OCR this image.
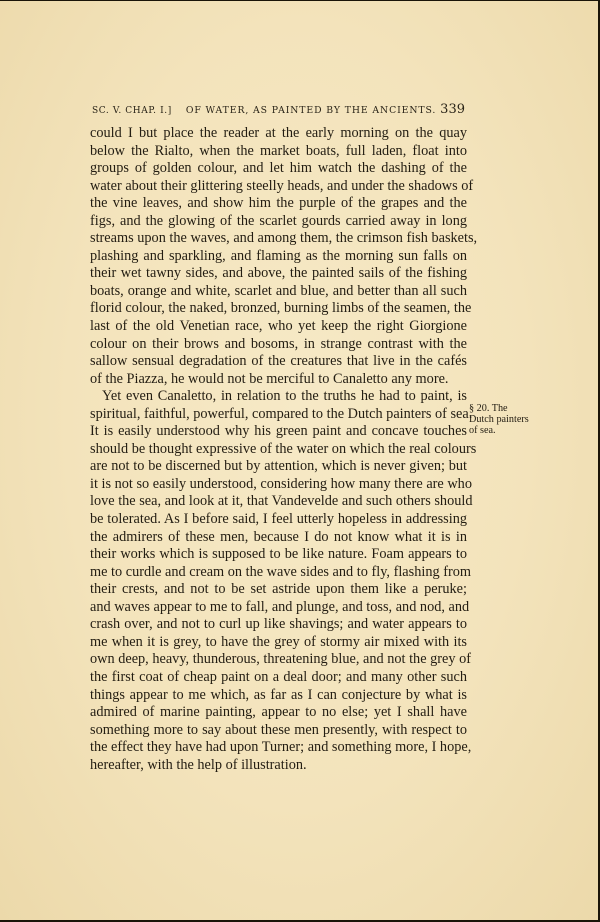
SC. V. CHAP. I.] OF WATER, AS PAINTED BY THE ANCIENTS. 339
could I but place the reader at the early morning on the quay
below the Rialto, when the market boats, full laden, float into
groups of golden colour, and let him watch the dashing of the
water about their glittering steelly heads, and under the shadows of
the vine leaves, and show him the purple of the grapes and the
figs, and the glowing of the scarlet gourds carried away in long
streams upon the waves, and among them, the crimson fish baskets,
plashing and sparkling, and flaming as the morning sun falls on
their wet tawny sides, and above, the painted sails of the fishing
boats, orange and white, scarlet and blue, and better than all such
florid colour, the naked, bronzed, burning limbs of the seamen, the
last of the old Venetian race, who yet keep the right Giorgione
colour on their brows and bosoms, in strange contrast with the
sallow sensual degradation of the creatures that live in the cafés
of the Piazza, he would not be merciful to Canaletto any more.
Yet even Canaletto, in relation to the truths he had to paint, is
spiritual, faithful, powerful, compared to the Dutch painters of sea.
It is easily understood why his green paint and concave touches
should be thought expressive of the water on which the real colours
are not to be discerned but by attention, which is never given; but
it is not so easily understood, considering how many there are who
love the sea, and look at it, that Vandevelde and such others should
be tolerated. As I before said, I feel utterly hopeless in addressing
the admirers of these men, because I do not know what it is in
their works which is supposed to be like nature. Foam appears to
me to curdle and cream on the wave sides and to fly, flashing from
their crests, and not to be set astride upon them like a peruke;
and waves appear to me to fall, and plunge, and toss, and nod, and
crash over, and not to curl up like shavings; and water appears to
me when it is grey, to have the grey of stormy air mixed with its
own deep, heavy, thunderous, threatening blue, and not the grey of
the first coat of cheap paint on a deal door; and many other such
things appear to me which, as far as I can conjecture by what is
admired of marine painting, appear to no else; yet I shall have
something more to say about these men presently, with respect to
the effect they have had upon Turner; and something more, I hope,
hereafter, with the help of illustration.
§ 20. The
Dutch painters
of sea.
